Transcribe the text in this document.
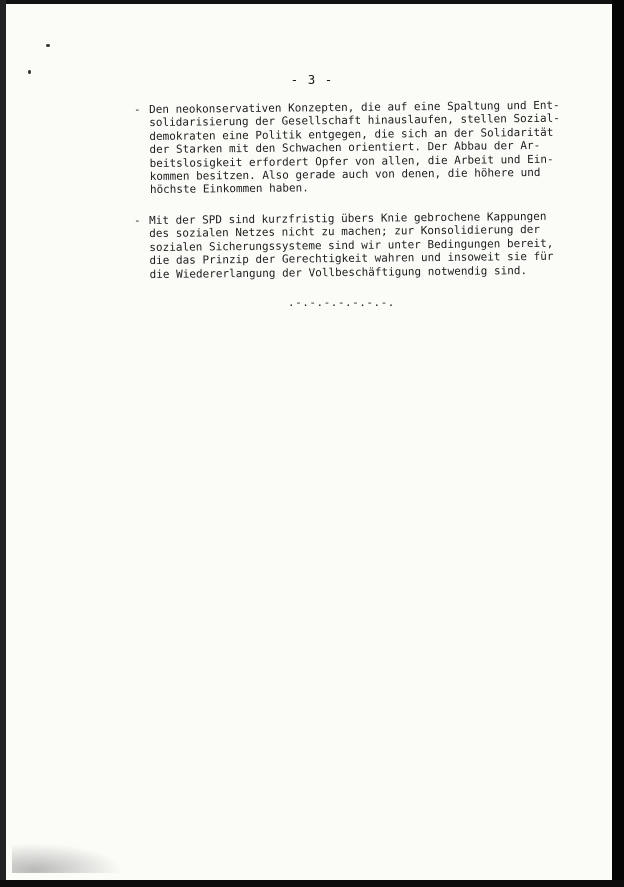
- 3 -
- Den neokonservativen Konzepten, die auf eine Spaltung und Ent-
solidarisierung der Gesellschaft hinauslaufen, stellen Sozial-
demokraten eine Politik entgegen, die sich an der Solidarität
der Starken mit den Schwachen orientiert. Der Abbau der Ar-
beitslosigkeit erfordert Opfer von allen, die Arbeit und Ein-
kommen besitzen. Also gerade auch von denen, die höhere und
höchste Einkommen haben.
- Mit der SPD sind kurzfristig übers Knie gebrochene Kappungen
des sozialen Netzes nicht zu machen; zur Konsolidierung der
sozialen Sicherungssysteme sind wir unter Bedingungen bereit,
die das Prinzip der Gerechtigkeit wahren und insoweit sie für
die Wiedererlangung der Vollbeschäftigung notwendig sind.
.-.-.-.-.-.-.-.
